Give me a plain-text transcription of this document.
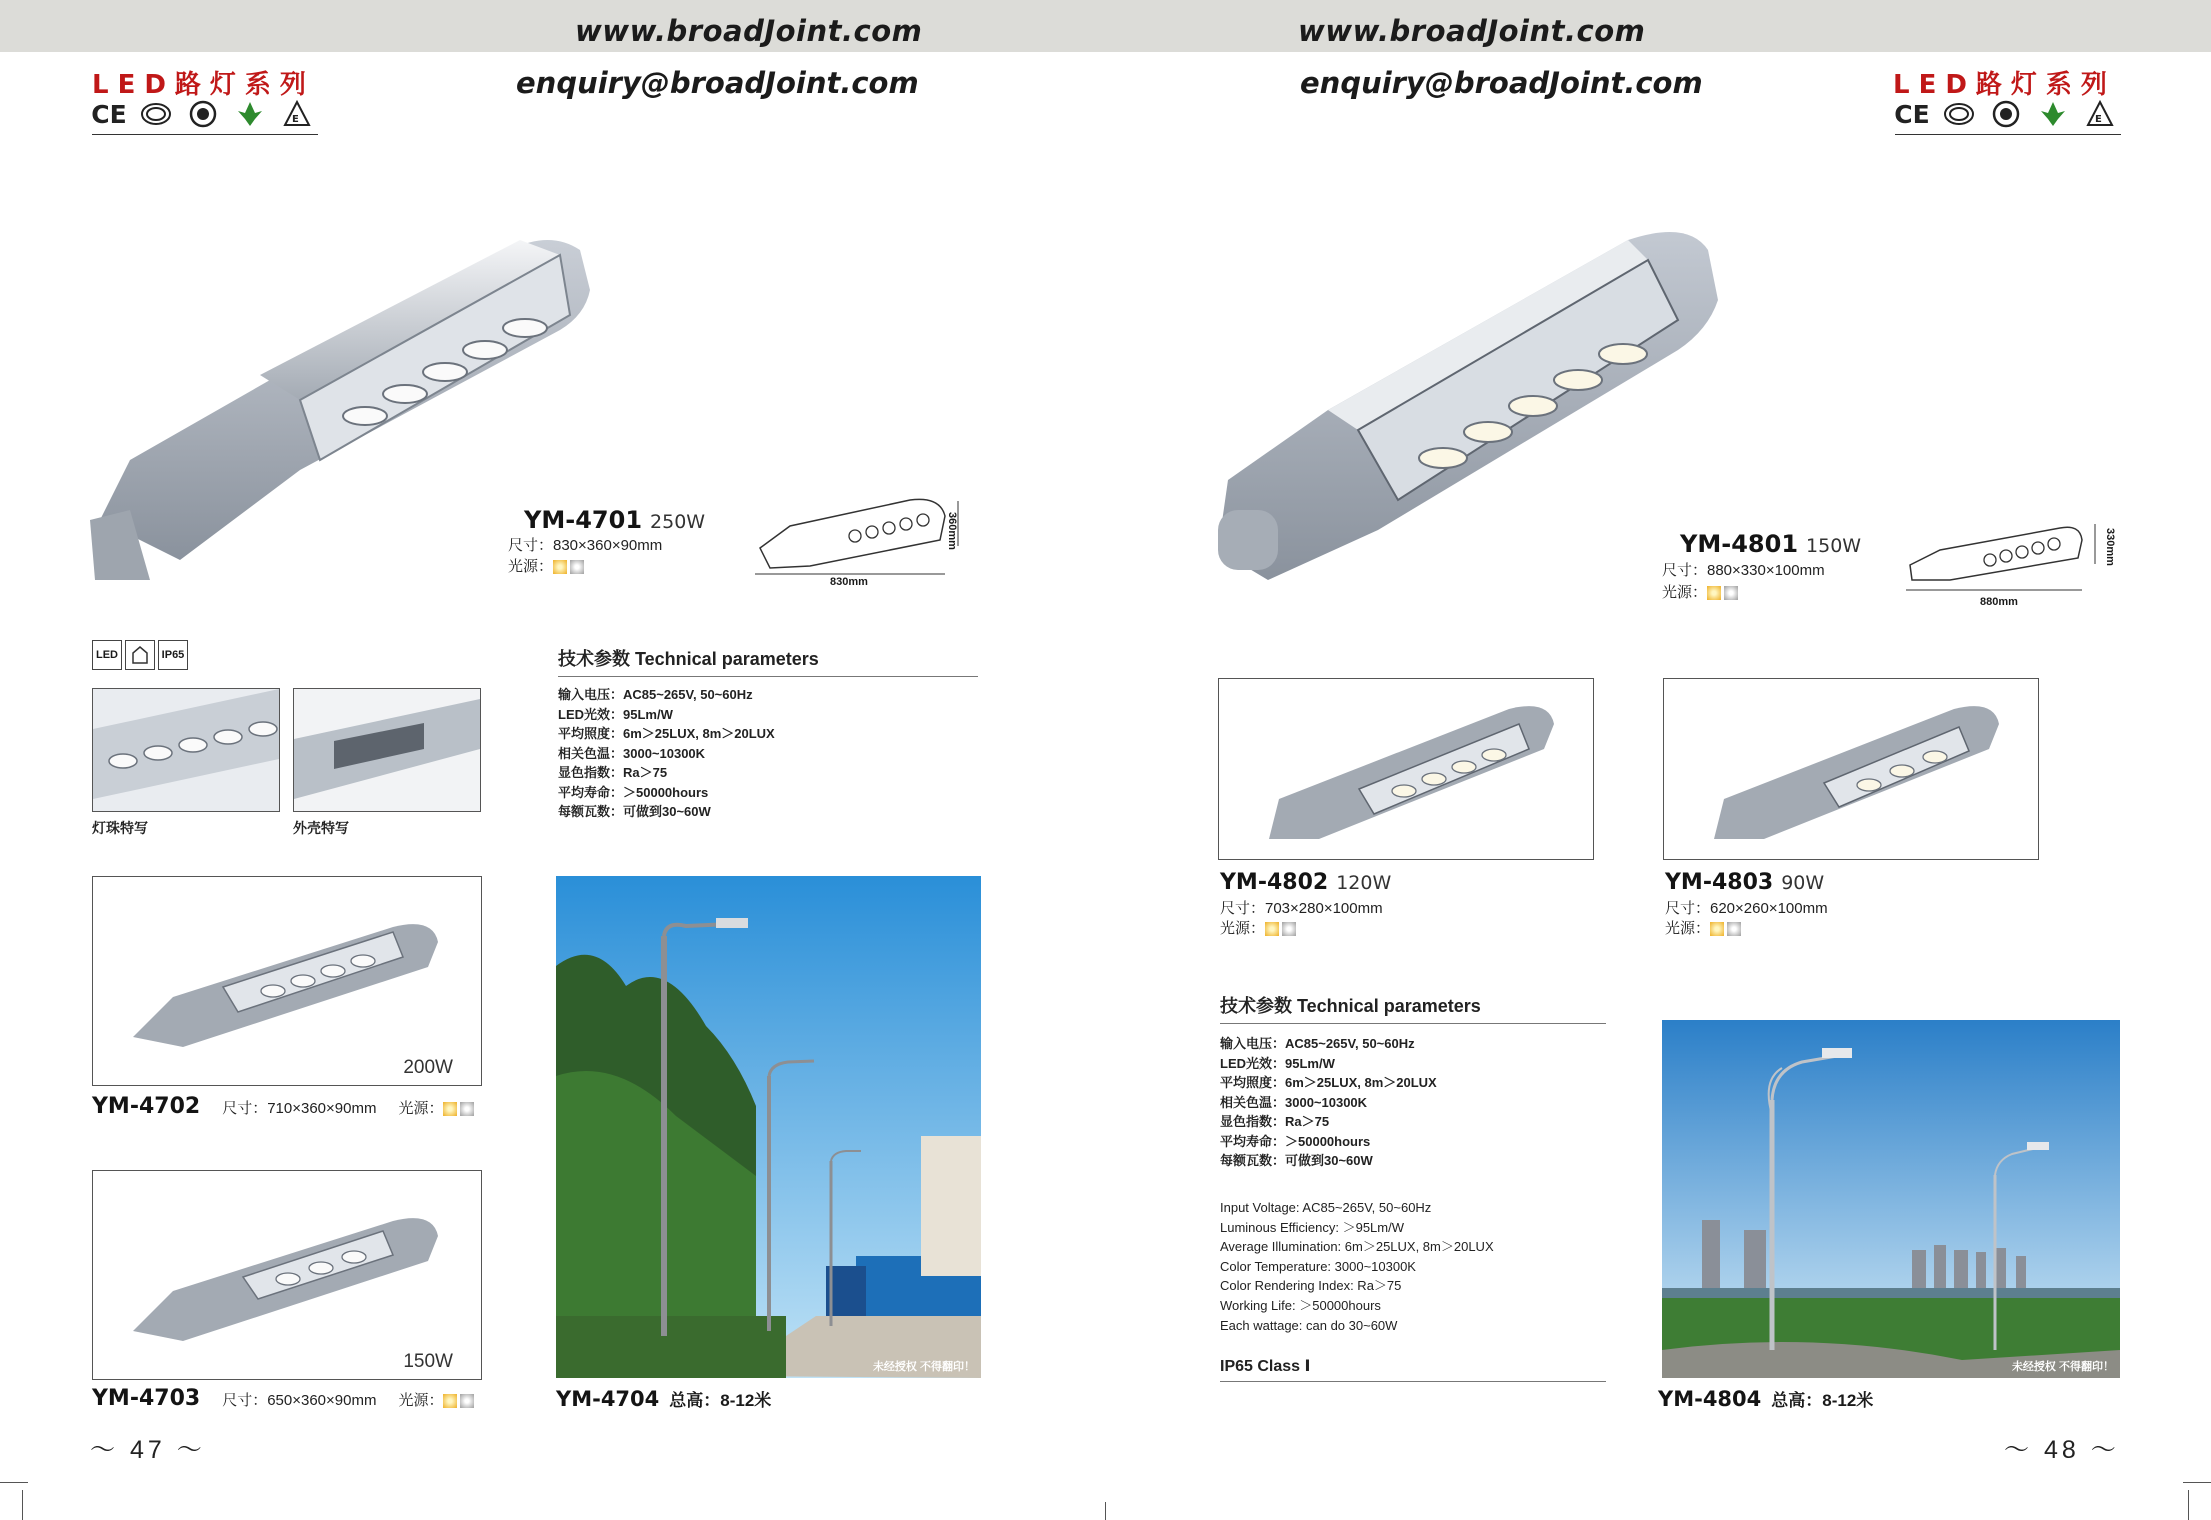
www.broadJoint.com	www.broadJoint.com
enquiry@broadJoint.com	enquiry@broadJoint.com
LED路灯系列	LED路灯系列
CE	E	CE	E
YM-4701 250W
尺寸：830×360×90mm
光源：
830mm
360mm
LED	IP65
灯珠特写	外壳特写
技术参数 Technical parameters
输入电压：AC85~265V, 50~60Hz
LED光效：95Lm/W
平均照度：6m＞25LUX, 8m＞20LUX
相关色温：3000~10300K
显色指数：Ra＞75
平均寿命：＞50000hours
每额瓦数：可做到30~60W
200W
YM-4702 尺寸：710×360×90mm 光源：
150W
YM-4703 尺寸：650×360×90mm 光源：
未经授权 不得翻印！
YM-4704 总高：8-12米
〜 47 〜
YM-4801 150W
尺寸：880×330×100mm
光源：
880mm
330mm
YM-4802 120W
尺寸：703×280×100mm
光源：
YM-4803 90W
尺寸：620×260×100mm
光源：
技术参数 Technical parameters
输入电压：AC85~265V, 50~60Hz
LED光效：95Lm/W
平均照度：6m＞25LUX, 8m＞20LUX
相关色温：3000~10300K
显色指数：Ra＞75
平均寿命：＞50000hours
每额瓦数：可做到30~60W
Input Voltage: AC85~265V, 50~60Hz
Luminous Efficiency: ＞95Lm/W
Average Illumination: 6m＞25LUX, 8m＞20LUX
Color Temperature: 3000~10300K
Color Rendering Index: Ra＞75
Working Life: ＞50000hours
Each wattage: can do 30~60W
IP65 Class Ⅰ	未经授权 不得翻印！
YM-4804 总高：8-12米
〜 48 〜
